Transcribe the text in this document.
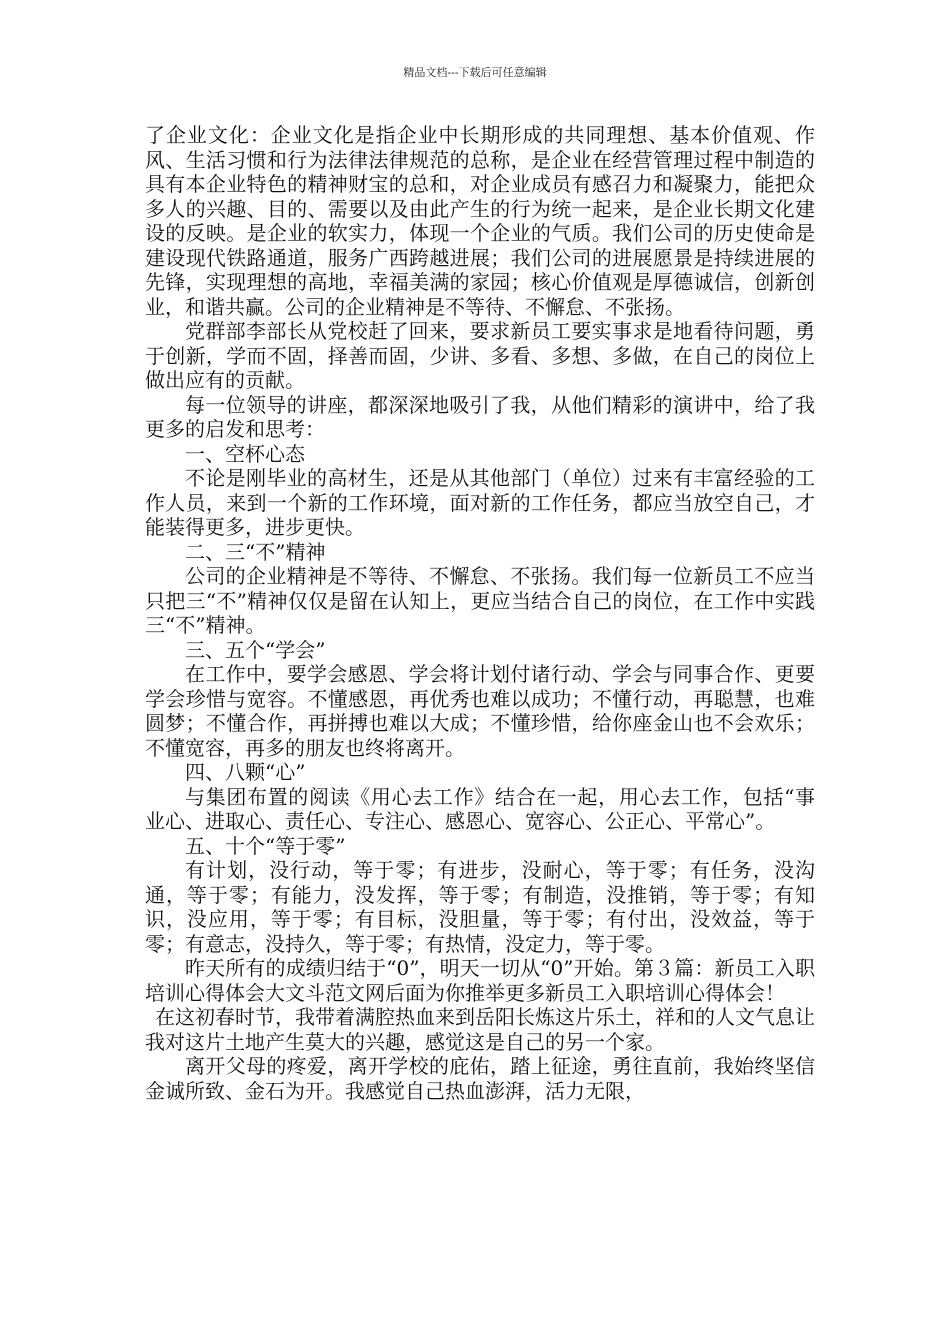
精品文档---下载后可任意编辑

了企业文化：企业文化是指企业中长期形成的共同理想、基本价值观、作风、生活习惯和行为法律法律规范的总称，是企业在经营管理过程中制造的具有本企业特色的精神财宝的总和，对企业成员有感召力和凝聚力，能把众多人的兴趣、目的、需要以及由此产生的行为统一起来，是企业长期文化建设的反映。是企业的软实力，体现一个企业的气质。我们公司的历史使命是建设现代铁路通道，服务广西跨越进展；我们公司的进展愿景是持续进展的先锋，实现理想的高地，幸福美满的家园；核心价值观是厚德诚信，创新创业，和谐共赢。公司的企业精神是不等待、不懈怠、不张扬。

党群部李部长从党校赶了回来，要求新员工要实事求是地看待问题，勇于创新，学而不固，择善而固，少讲、多看、多想、多做，在自己的岗位上做出应有的贡献。

每一位领导的讲座，都深深地吸引了我，从他们精彩的演讲中，给了我更多的启发和思考：

一、空杯心态

不论是刚毕业的高材生，还是从其他部门（单位）过来有丰富经验的工作人员，来到一个新的工作环境，面对新的工作任务，都应当放空自己，才能装得更多，进步更快。

二、三“不”精神

公司的企业精神是不等待、不懈怠、不张扬。我们每一位新员工不应当只把三“不”精神仅仅是留在认知上，更应当结合自己的岗位，在工作中实践三“不”精神。

三、五个“学会”

在工作中，要学会感恩、学会将计划付诸行动、学会与同事合作、更要学会珍惜与宽容。不懂感恩，再优秀也难以成功；不懂行动，再聪慧，也难圆梦；不懂合作，再拼搏也难以大成；不懂珍惜，给你座金山也不会欢乐；不懂宽容，再多的朋友也终将离开。

四、八颗“心”

与集团布置的阅读《用心去工作》结合在一起，用心去工作，包括“事业心、进取心、责任心、专注心、感恩心、宽容心、公正心、平常心”。

五、十个“等于零”

有计划，没行动，等于零；有进步，没耐心，等于零；有任务，没沟通，等于零；有能力，没发挥，等于零；有制造，没推销，等于零；有知识，没应用，等于零；有目标，没胆量，等于零；有付出，没效益，等于零；有意志，没持久，等于零；有热情，没定力，等于零。

昨天所有的成绩归结于“0”，明天一切从“0”开始。第３篇：新员工入职培训心得体会大文斗范文网后面为你推举更多新员工入职培训心得体会！

在这初春时节，我带着满腔热血来到岳阳长炼这片乐土，祥和的人文气息让我对这片土地产生莫大的兴趣，感觉这是自己的另一个家。

离开父母的疼爱，离开学校的庇佑，踏上征途，勇往直前，我始终坚信金诚所致、金石为开。我感觉自己热血澎湃，活力无限，
